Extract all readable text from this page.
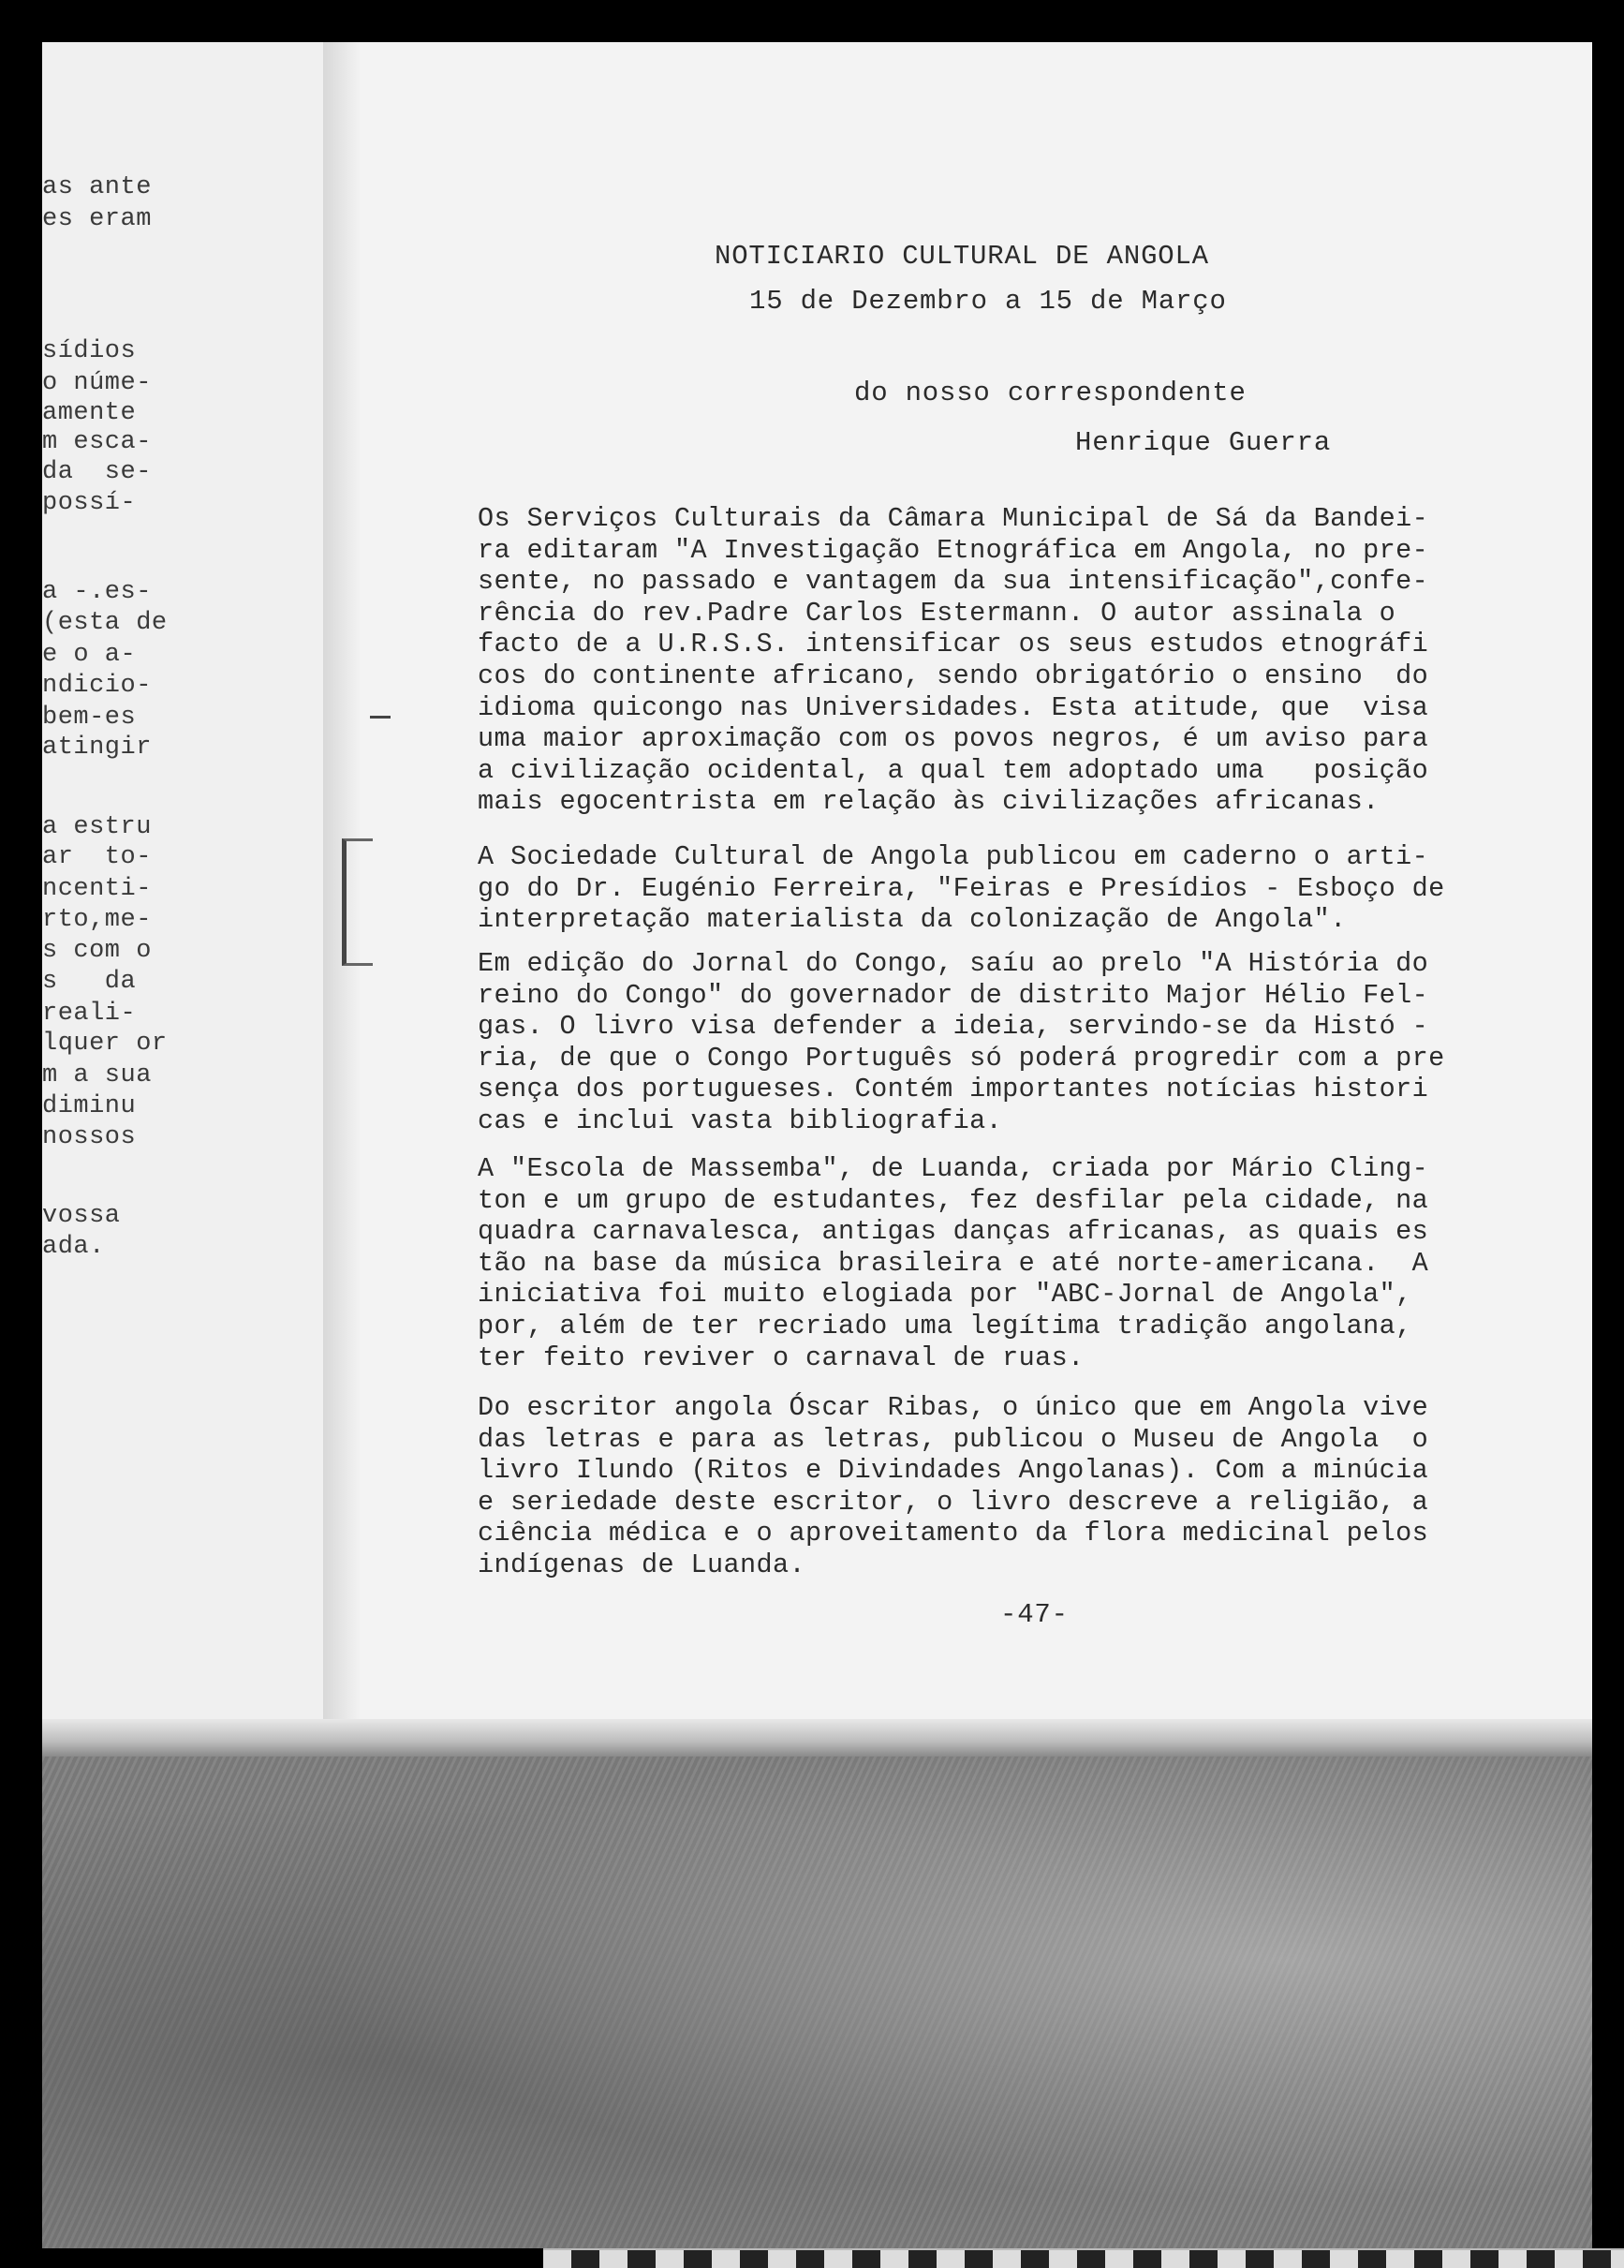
as ante
es eram
sídios
o núme-
amente
m esca-
da  se-
possí-
a -.es-
(esta de
e o a-
ndicio-
bem-es
atingir
a estru
ar  to-
ncenti-
rto,me-
s com o
s   da
reali-
lquer or
m a sua
diminu
nossos
vossa
ada.
NOTICIARIO CULTURAL DE ANGOLA
15 de Dezembro a 15 de Março
do nosso correspondente
Henrique Guerra
Os Serviços Culturais da Câmara Municipal de Sá da Bandei-
ra editaram "A Investigação Etnográfica em Angola, no pre-
sente, no passado e vantagem da sua intensificação",confe-
rência do rev.Padre Carlos Estermann. O autor assinala o
facto de a U.R.S.S. intensificar os seus estudos etnográfi
cos do continente africano, sendo obrigatório o ensino  do
idioma quicongo nas Universidades. Esta atitude, que  visa
uma maior aproximação com os povos negros, é um aviso para
a civilização ocidental, a qual tem adoptado uma   posição
mais egocentrista em relação às civilizações africanas.
A Sociedade Cultural de Angola publicou em caderno o arti-
go do Dr. Eugénio Ferreira, "Feiras e Presídios - Esboço de
interpretação materialista da colonização de Angola".
Em edição do Jornal do Congo, saíu ao prelo "A História do
reino do Congo" do governador de distrito Major Hélio Fel-
gas. O livro visa defender a ideia, servindo-se da Histó -
ria, de que o Congo Português só poderá progredir com a pre
sença dos portugueses. Contém importantes notícias histori
cas e inclui vasta bibliografia.
A "Escola de Massemba", de Luanda, criada por Mário Cling-
ton e um grupo de estudantes, fez desfilar pela cidade, na
quadra carnavalesca, antigas danças africanas, as quais es
tão na base da música brasileira e até norte-americana.  A
iniciativa foi muito elogiada por "ABC-Jornal de Angola",
por, além de ter recriado uma legítima tradição angolana,
ter feito reviver o carnaval de ruas.
Do escritor angola Óscar Ribas, o único que em Angola vive
das letras e para as letras, publicou o Museu de Angola  o
livro Ilundo (Ritos e Divindades Angolanas). Com a minúcia
e seriedade deste escritor, o livro descreve a religião, a
ciência médica e o aproveitamento da flora medicinal pelos
indígenas de Luanda.
-47-
